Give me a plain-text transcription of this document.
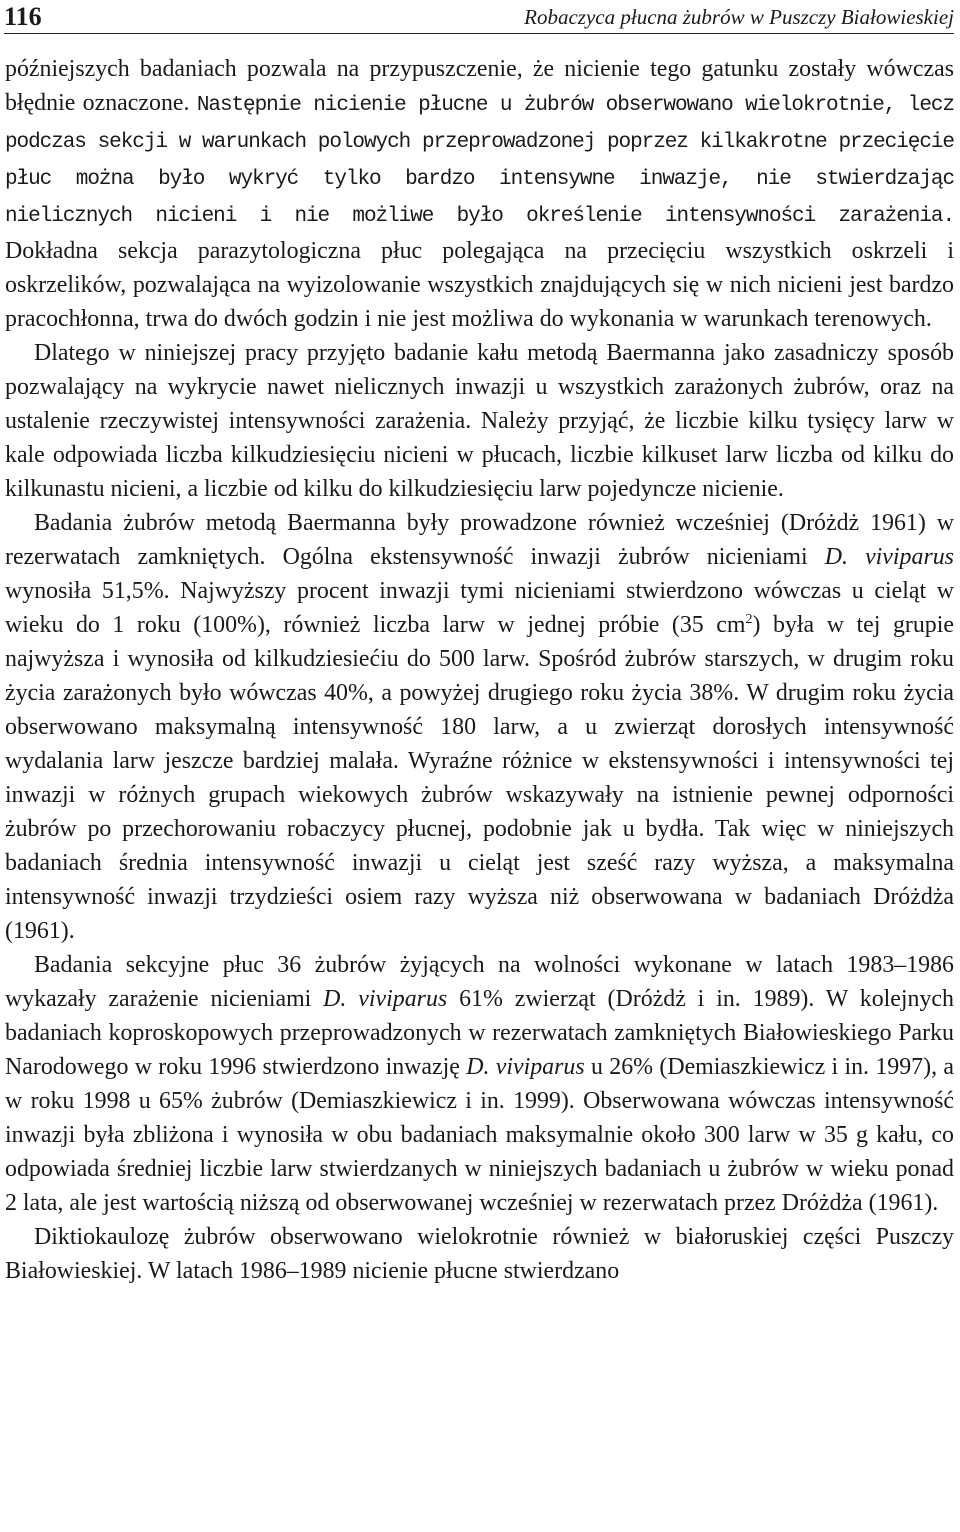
116	Robaczyca płucna żubrów w Puszczy Białowieskiej

późniejszych badaniach pozwala na przypuszczenie, że nicienie tego gatunku zostały wówczas błędnie oznaczone. Następnie nicienie płucne u żubrów obserwowano wielokrotnie, lecz podczas sekcji w warunkach polowych przeprowadzonej poprzez kilkakrotne przecięcie płuc można było wykryć tylko bardzo intensywne inwazje, nie stwierdzając nielicznych nicieni i nie możliwe było określenie intensywności zarażenia. Dokładna sekcja parazytologiczna płuc polegająca na przecięciu wszystkich oskrzeli i oskrzelików, pozwalająca na wyizolowanie wszystkich znajdujących się w nich nicieni jest bardzo pracochłonna, trwa do dwóch godzin i nie jest możliwa do wykonania w warunkach terenowych.

Dlatego w niniejszej pracy przyjęto badanie kału metodą Baermanna jako zasadniczy sposób pozwalający na wykrycie nawet nielicznych inwazji u wszystkich zarażonych żubrów, oraz na ustalenie rzeczywistej intensywności zarażenia. Należy przyjąć, że liczbie kilku tysięcy larw w kale odpowiada liczba kilkudziesięciu nicieni w płucach, liczbie kilkuset larw liczba od kilku do kilkunastu nicieni, a liczbie od kilku do kilkudziesięciu larw pojedyncze nicienie.

Badania żubrów metodą Baermanna były prowadzone również wcześniej (Dróżdż 1961) w rezerwatach zamkniętych. Ogólna ekstensywność inwazji żubrów nicieniami D. viviparus wynosiła 51,5%. Najwyższy procent inwazji tymi nicieniami stwierdzono wówczas u cieląt w wieku do 1 roku (100%), również liczba larw w jednej próbie (35 $cm^2$) była w tej grupie najwyższa i wynosiła od kilkudziesiećiu do 500 larw. Spośród żubrów starszych, w drugim roku życia zarażonych było wówczas 40%, a powyżej drugiego roku życia 38%. W drugim roku życia obserwowano maksymalną intensywność 180 larw, a u zwierząt dorosłych intensywność wydalania larw jeszcze bardziej malała. Wyraźne różnice w ekstensywności i intensywności tej inwazji w różnych grupach wiekowych żubrów wskazywały na istnienie pewnej odporności żubrów po przechorowaniu robaczycy płucnej, podobnie jak u bydła. Tak więc w niniejszych badaniach średnia intensywność inwazji u cieląt jest sześć razy wyższa, a maksymalna intensywność inwazji trzydzieści osiem razy wyższa niż obserwowana w badaniach Dróżdża (1961).

Badania sekcyjne płuc 36 żubrów żyjących na wolności wykonane w latach 1983–1986 wykazały zarażenie nicieniami D. viviparus 61% zwierząt (Dróżdż i in. 1989). W kolejnych badaniach koproskopowych przeprowadzonych w rezerwatach zamkniętych Białowieskiego Parku Narodowego w roku 1996 stwierdzono inwazję D. viviparus u 26% (Demiaszkiewicz i in. 1997), a w roku 1998 u 65% żubrów (Demiaszkiewicz i in. 1999). Obserwowana wówczas intensywność inwazji była zbliżona i wynosiła w obu badaniach maksymalnie około 300 larw w 35 g kału, co odpowiada średniej liczbie larw stwierdzanych w niniejszych badaniach u żubrów w wieku ponad 2 lata, ale jest wartością niższą od obserwowanej wcześniej w rezerwatach przez Dróżdża (1961).

Diktiokaulozę żubrów obserwowano wielokrotnie również w białoruskiej części Puszczy Białowieskiej. W latach 1986–1989 nicienie płucne stwierdzano
